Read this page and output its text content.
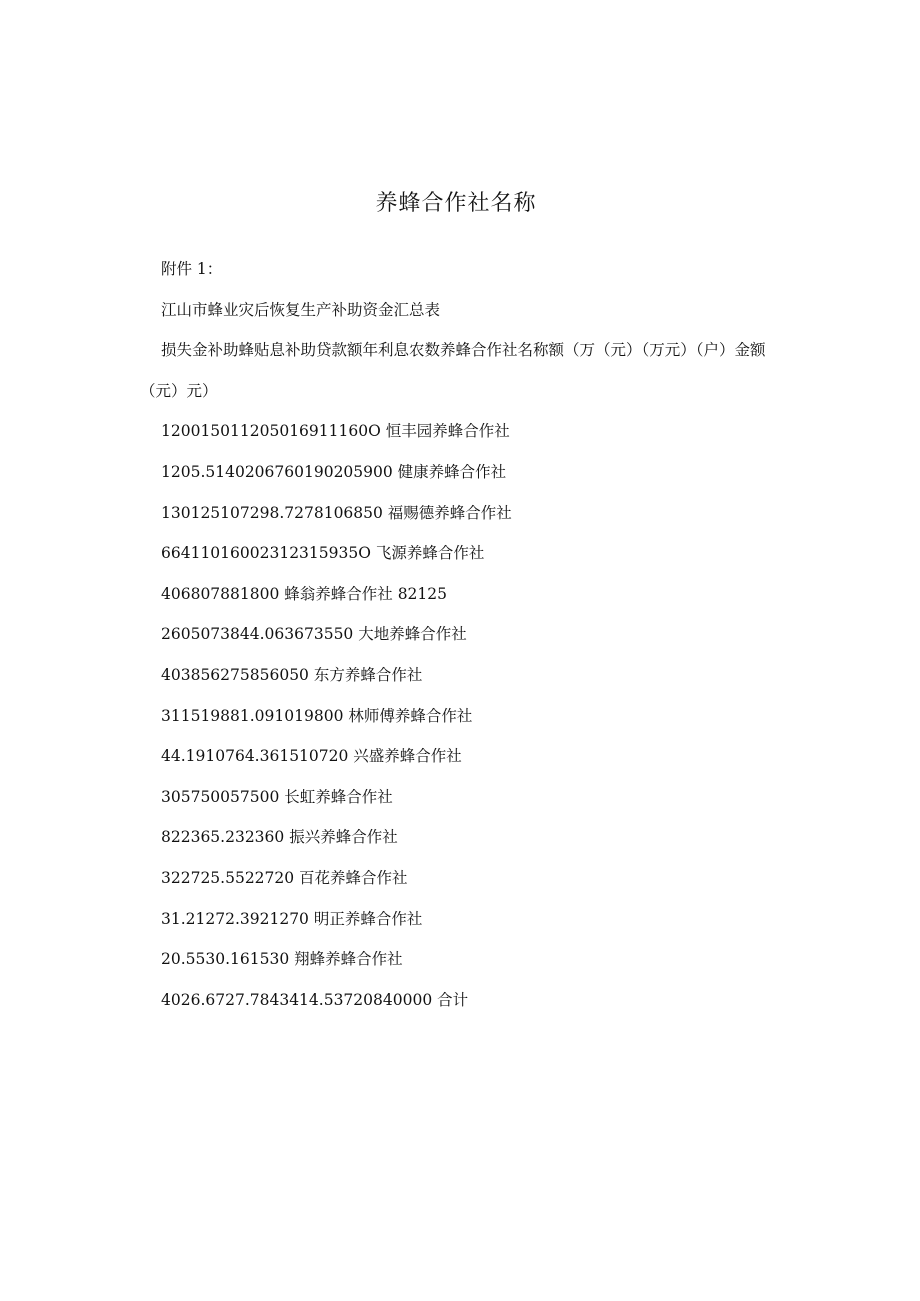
养蜂合作社名称
附件 1：
江山市蜂业灾后恢复生产补助资金汇总表
损失金补助蜂贴息补助贷款额年利息农数养蜂合作社名称额（万（元）（万元）（户）金额（元）元）
120015011205016911160O 恒丰园养蜂合作社
1205.5140206760190205900 健康养蜂合作社
130125107298.7278106850 福赐德养蜂合作社
66411016002312315935O 飞源养蜂合作社
406807881800 蜂翁养蜂合作社 82125
2605073844.063673550 大地养蜂合作社
403856275856050 东方养蜂合作社
311519881.091019800 林师傅养蜂合作社
44.1910764.361510720 兴盛养蜂合作社
305750057500 长虹养蜂合作社
822365.232360 振兴养蜂合作社
322725.5522720 百花养蜂合作社
31.21272.3921270 明正养蜂合作社
20.5530.161530 翔蜂养蜂合作社
4026.6727.7843414.53720840000 合计
